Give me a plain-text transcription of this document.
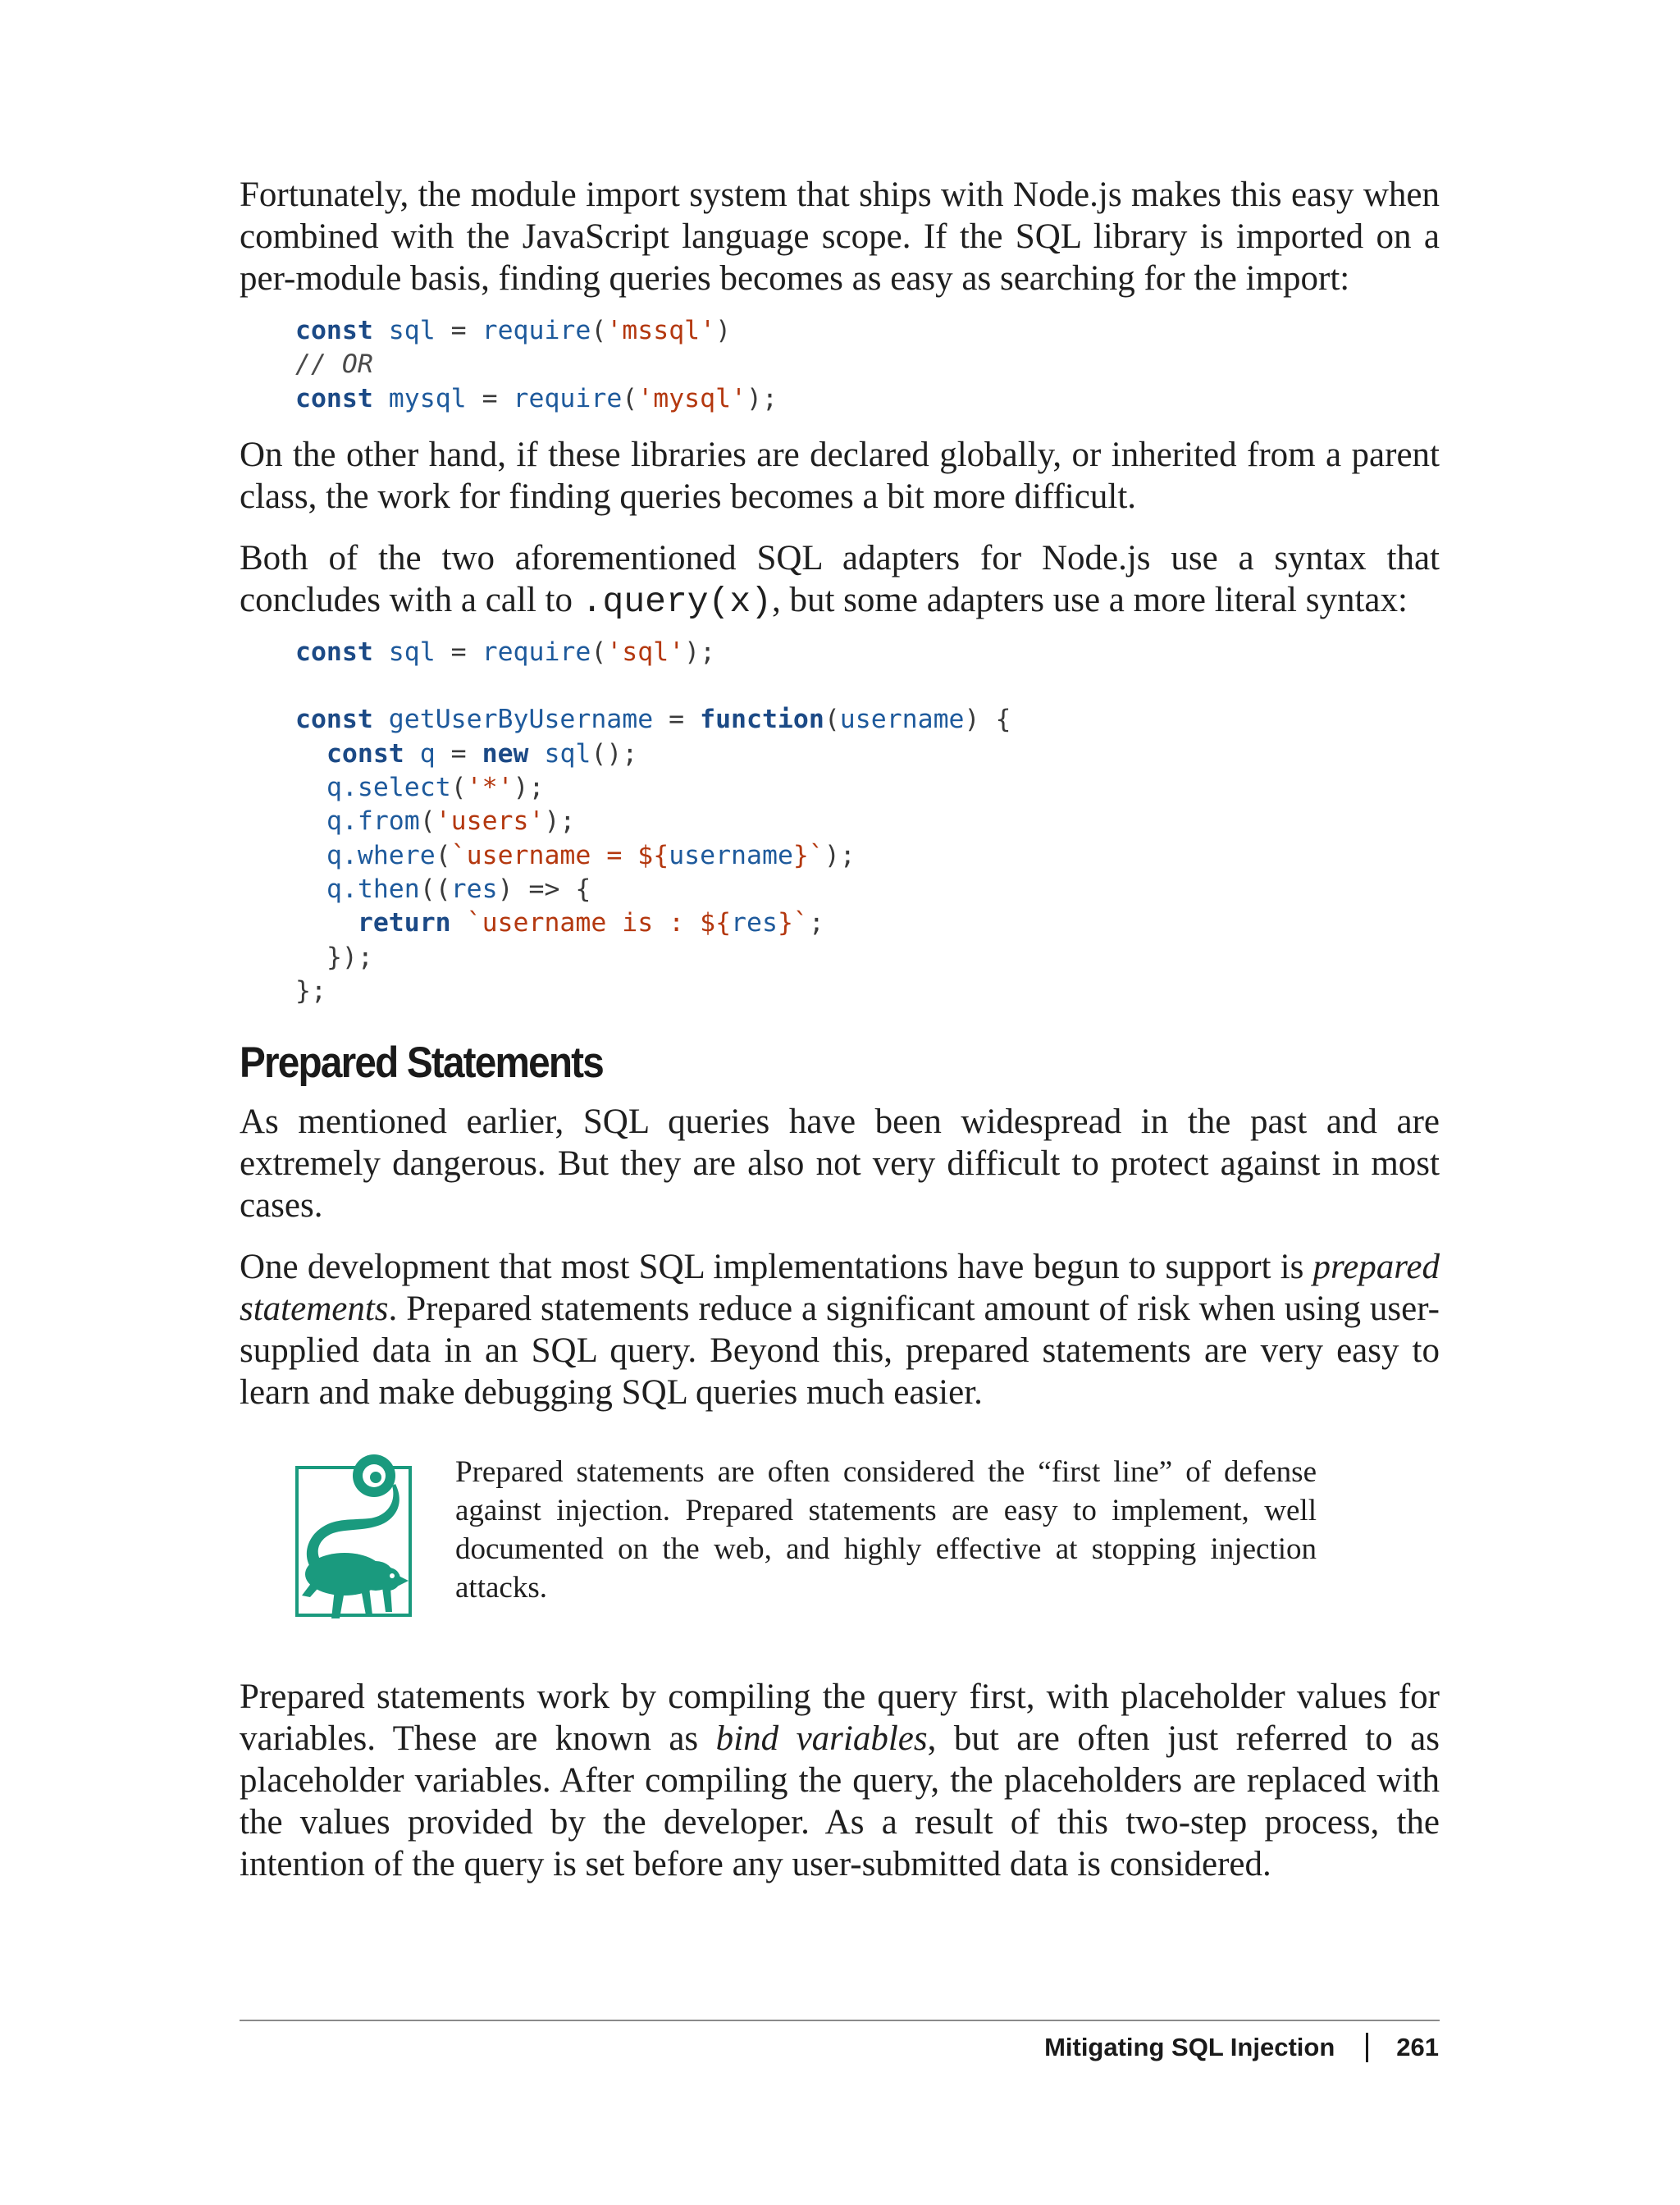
Fortunately, the module import system that ships with Node.js makes this easy when combined with the JavaScript language scope. If the SQL library is imported on a per-module basis, finding queries becomes as easy as searching for the import:

const sql = require('mssql')
// OR
const mysql = require('mysql');

On the other hand, if these libraries are declared globally, or inherited from a parent class, the work for finding queries becomes a bit more difficult.

Both of the two aforementioned SQL adapters for Node.js use a syntax that concludes with a call to .query(x), but some adapters use a more literal syntax:

const sql = require('sql');

const getUserByUsername = function(username) {
const q = new sql();
q.select('*');
q.from('users');
q.where(`username = ${username}`);
q.then((res) => {
return `username is : ${res}`;
});
};
Prepared Statements

As mentioned earlier, SQL queries have been widespread in the past and are extremely dangerous. But they are also not very difficult to protect against in most cases.

One development that most SQL implementations have begun to support is prepared statements. Prepared statements reduce a significant amount of risk when using user-supplied data in an SQL query. Beyond this, prepared statements are very easy to learn and make debugging SQL queries much easier.

Prepared statements are often considered the “first line” of defense against injection. Prepared statements are easy to implement, well documented on the web, and highly effective at stopping injection attacks.

Prepared statements work by compiling the query first, with placeholder values for variables. These are known as bind variables, but are often just referred to as placeholder variables. After compiling the query, the placeholders are replaced with the values provided by the developer. As a result of this two-step process, the intention of the query is set before any user-submitted data is considered.

Mitigating SQL Injection 261
